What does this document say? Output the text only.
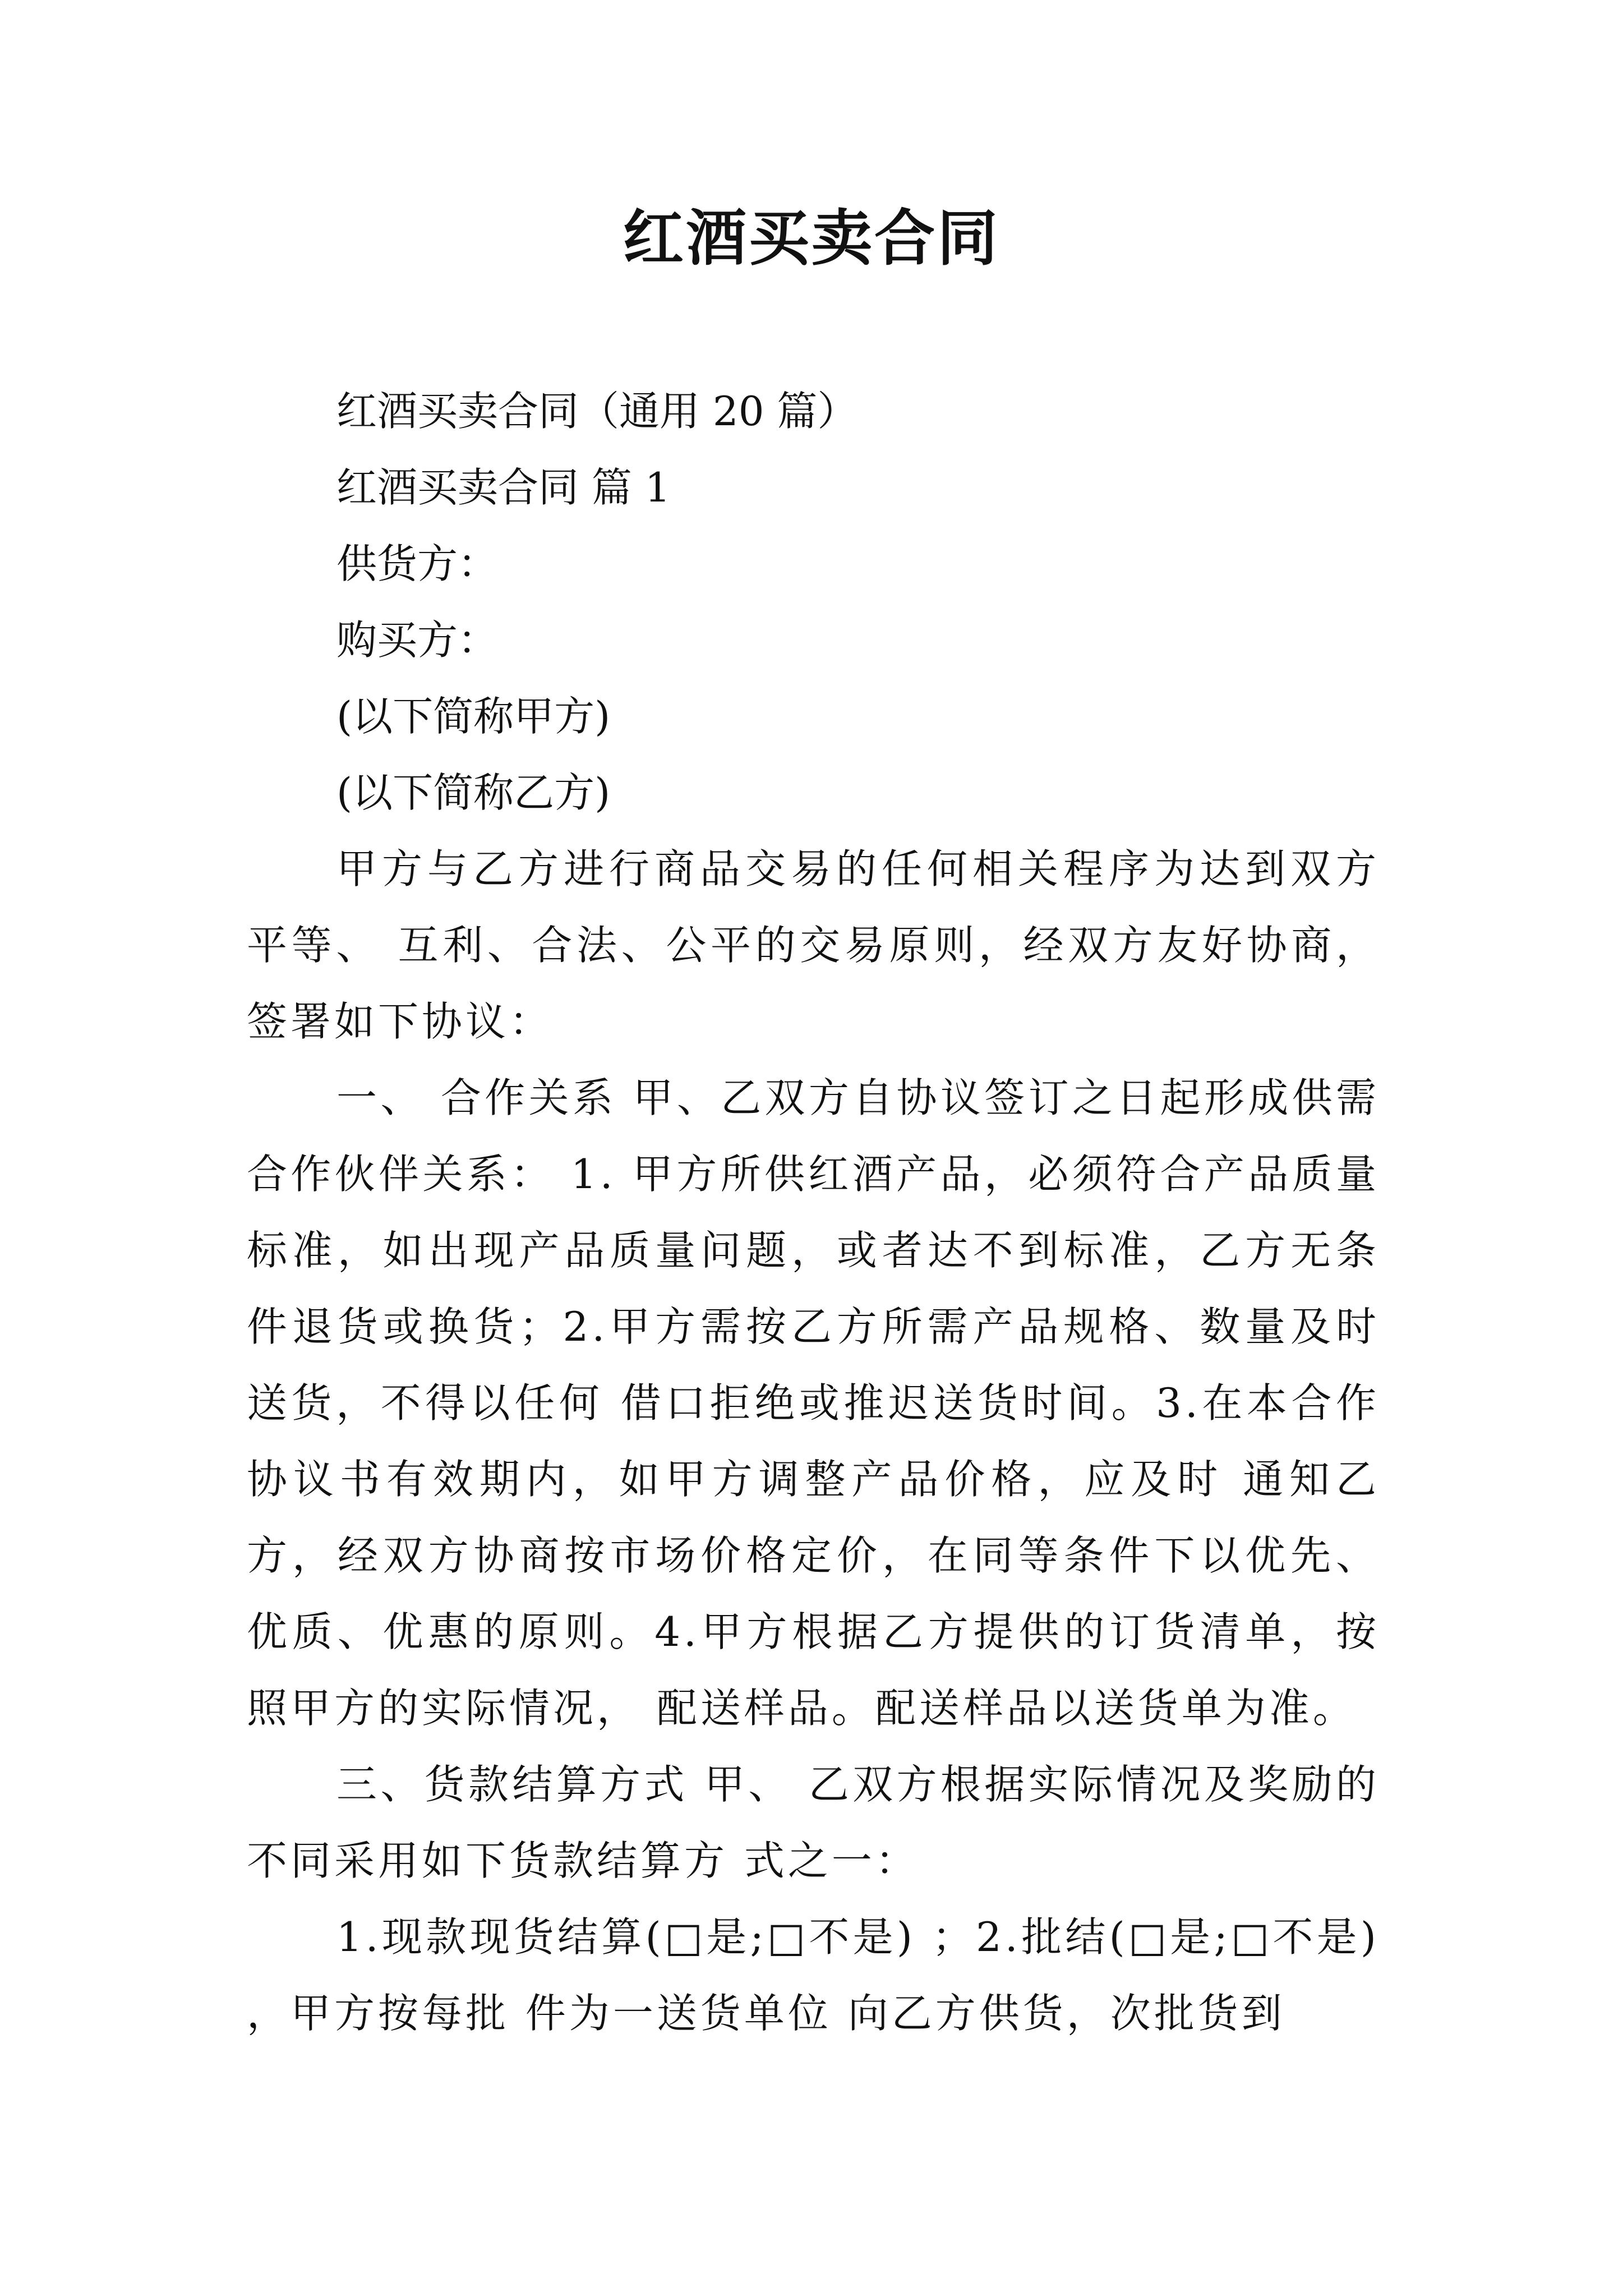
红酒买卖合同

红酒买卖合同（通用 20 篇）

红酒买卖合同 篇 1

供货方：

购买方：

(以下简称甲方)

(以下简称乙方)

甲方与乙方进行商品交易的任何相关程序为达到双方平等、 互利、合法、公平的交易原则，经双方友好协商，签署如下协议：

一、 合作关系 甲、乙双方自协议签订之日起形成供需合作伙伴关系： 1. 甲方所供红酒产品，必须符合产品质量标准，如出现产品质量问题，或者达不到标准，乙方无条件退货或换货；2.甲方需按乙方所需产品规格、数量及时送货，不得以任何 借口拒绝或推迟送货时间。3.在本合作协议书有效期内，如甲方调整产品价格，应及时 通知乙方，经双方协商按市场价格定价，在同等条件下以优先、 优质、优惠的原则。4.甲方根据乙方提供的订货清单，按照甲方的实际情况， 配送样品。配送样品以送货单为准。

三、货款结算方式 甲、 乙双方根据实际情况及奖励的不同采用如下货款结算方 式之一：

1.现款现货结算(□是;□不是) ；2.批结(□是;□不是) ，甲方按每批 件为一送货单位 向乙方供货，次批货到
